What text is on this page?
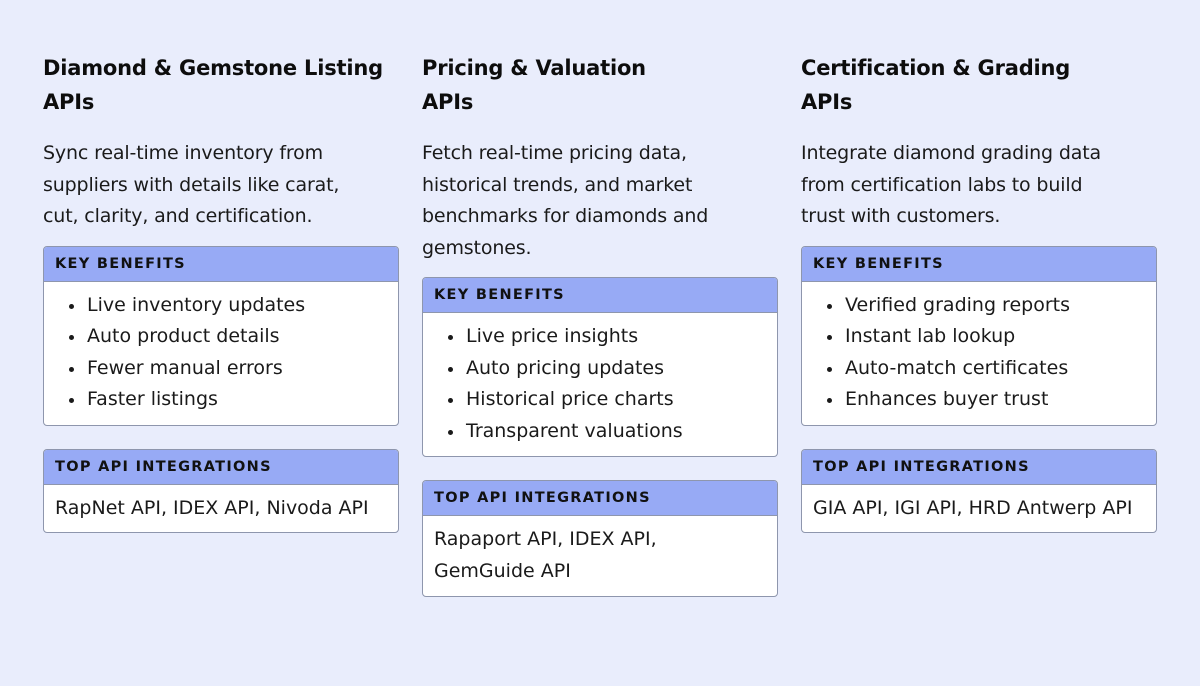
Diamond & Gemstone Listing
APIs

Sync real-time inventory from
suppliers with details like carat,
cut, clarity, and certification.

KEY BENEFITS
Live inventory updates
Auto product details
Fewer manual errors
Faster listings
TOP API INTEGRATIONS
RapNet API, IDEX API, Nivoda API
Pricing & Valuation
APIs

Fetch real-time pricing data,
historical trends, and market
benchmarks for diamonds and
gemstones.

KEY BENEFITS
Live price insights
Auto pricing updates
Historical price charts
Transparent valuations
TOP API INTEGRATIONS
Rapaport API, IDEX API,
GemGuide API
Certification & Grading
APIs

Integrate diamond grading data
from certification labs to build
trust with customers.

KEY BENEFITS
Verified grading reports
Instant lab lookup
Auto-match certificates
Enhances buyer trust
TOP API INTEGRATIONS
GIA API, IGI API, HRD Antwerp API
